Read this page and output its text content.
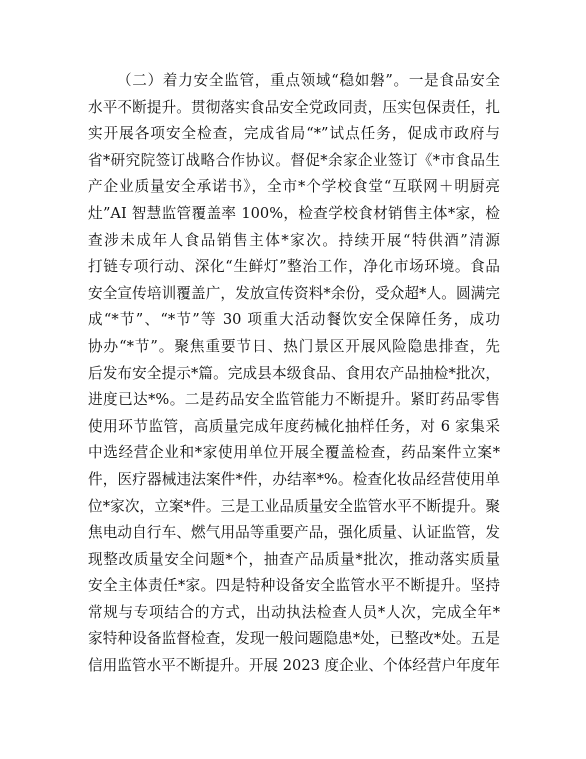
（二）着力安全监管，重点领域“稳如磐”。一是食品安全
水平不断提升。贯彻落实食品安全党政同责，压实包保责任，扎
实开展各项安全检查，完成省局“*”试点任务，促成市政府与
省*研究院签订战略合作协议。督促*余家企业签订《*市食品生
产企业质量安全承诺书》，全市*个学校食堂“互联网＋明厨亮
灶”AI 智慧监管覆盖率 100%，检查学校食材销售主体*家，检
查涉未成年人食品销售主体*家次。持续开展“特供酒”清源
打链专项行动、深化“生鲜灯”整治工作，净化市场环境。食品
安全宣传培训覆盖广，发放宣传资料*余份，受众超*人。圆满完
成“*节”、“*节”等 30 项重大活动餐饮安全保障任务，成功
协办“*节”。聚焦重要节日、热门景区开展风险隐患排查，先
后发布安全提示*篇。完成县本级食品、食用农产品抽检*批次，
进度已达*%。二是药品安全监管能力不断提升。紧盯药品零售
使用环节监管，高质量完成年度药械化抽样任务，对 6 家集采
中选经营企业和*家使用单位开展全覆盖检查，药品案件立案*
件，医疗器械违法案件*件，办结率*%。检查化妆品经营使用单
位*家次，立案*件。三是工业品质量安全监管水平不断提升。聚
焦电动自行车、燃气用品等重要产品，强化质量、认证监管，发
现整改质量安全问题*个，抽查产品质量*批次，推动落实质量
安全主体责任*家。四是特种设备安全监管水平不断提升。坚持
常规与专项结合的方式，出动执法检查人员*人次，完成全年*
家特种设备监督检查，发现一般问题隐患*处，已整改*处。五是
信用监管水平不断提升。开展 2023 度企业、个体经营户年度年
